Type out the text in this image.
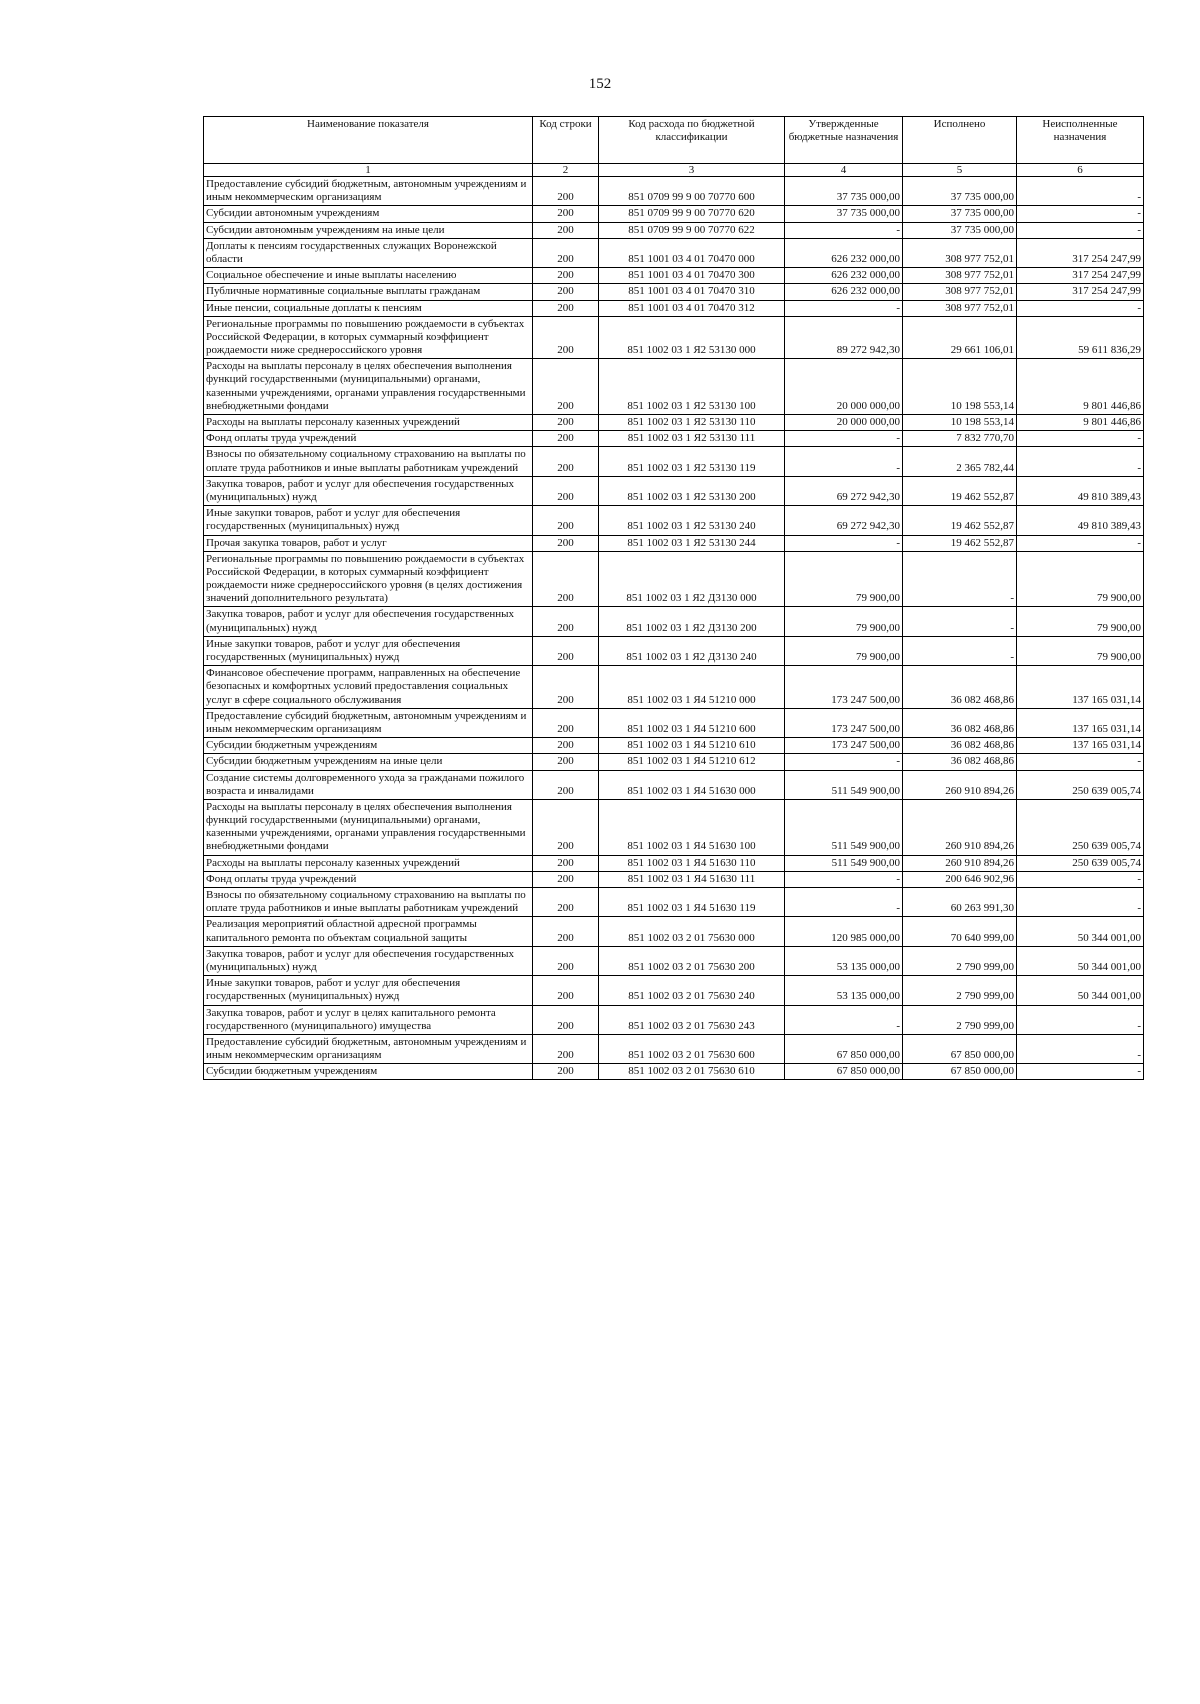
152
Наименование показателя	Код строки	Код расхода по бюджетной классификации	Утвержденные бюджетные назначения	Исполнено	Неисполненные назначения
1	2	3	4	5	6
Предоставление субсидий бюджетным, автономным учреждениям и иным некоммерческим организациям	200	851 0709 99 9 00 70770 600	37 735 000,00	37 735 000,00	-
Субсидии автономным учреждениям	200	851 0709 99 9 00 70770 620	37 735 000,00	37 735 000,00	-
Субсидии автономным учреждениям на иные цели	200	851 0709 99 9 00 70770 622	-	37 735 000,00	-
Доплаты к пенсиям государственных служащих Воронежской области	200	851 1001 03 4 01 70470 000	626 232 000,00	308 977 752,01	317 254 247,99
Социальное обеспечение и иные выплаты населению	200	851 1001 03 4 01 70470 300	626 232 000,00	308 977 752,01	317 254 247,99
Публичные нормативные социальные выплаты гражданам	200	851 1001 03 4 01 70470 310	626 232 000,00	308 977 752,01	317 254 247,99
Иные пенсии, социальные доплаты к пенсиям	200	851 1001 03 4 01 70470 312	-	308 977 752,01	-
Региональные программы по повышению рождаемости в субъектах Российской Федерации, в которых суммарный коэффициент рождаемости ниже среднероссийского уровня	200	851 1002 03 1 Я2 53130 000	89 272 942,30	29 661 106,01	59 611 836,29
Расходы на выплаты персоналу в целях обеспечения выполнения функций государственными (муниципальными) органами, казенными учреждениями, органами управления государственными внебюджетными фондами	200	851 1002 03 1 Я2 53130 100	20 000 000,00	10 198 553,14	9 801 446,86
Расходы на выплаты персоналу казенных учреждений	200	851 1002 03 1 Я2 53130 110	20 000 000,00	10 198 553,14	9 801 446,86
Фонд оплаты труда учреждений	200	851 1002 03 1 Я2 53130 111	-	7 832 770,70	-
Взносы по обязательному социальному страхованию на выплаты по оплате труда работников и иные выплаты работникам учреждений	200	851 1002 03 1 Я2 53130 119	-	2 365 782,44	-
Закупка товаров, работ и услуг для обеспечения государственных (муниципальных) нужд	200	851 1002 03 1 Я2 53130 200	69 272 942,30	19 462 552,87	49 810 389,43
Иные закупки товаров, работ и услуг для обеспечения государственных (муниципальных) нужд	200	851 1002 03 1 Я2 53130 240	69 272 942,30	19 462 552,87	49 810 389,43
Прочая закупка товаров, работ и услуг	200	851 1002 03 1 Я2 53130 244	-	19 462 552,87	-
Региональные программы по повышению рождаемости в субъектах Российской Федерации, в которых суммарный коэффициент рождаемости ниже среднероссийского уровня (в целях достижения значений дополнительного результата)	200	851 1002 03 1 Я2 Д3130 000	79 900,00	-	79 900,00
Закупка товаров, работ и услуг для обеспечения государственных (муниципальных) нужд	200	851 1002 03 1 Я2 Д3130 200	79 900,00	-	79 900,00
Иные закупки товаров, работ и услуг для обеспечения государственных (муниципальных) нужд	200	851 1002 03 1 Я2 Д3130 240	79 900,00	-	79 900,00
Финансовое обеспечение программ, направленных на обеспечение безопасных и комфортных условий предоставления социальных услуг в сфере социального обслуживания	200	851 1002 03 1 Я4 51210 000	173 247 500,00	36 082 468,86	137 165 031,14
Предоставление субсидий бюджетным, автономным учреждениям и иным некоммерческим организациям	200	851 1002 03 1 Я4 51210 600	173 247 500,00	36 082 468,86	137 165 031,14
Субсидии бюджетным учреждениям	200	851 1002 03 1 Я4 51210 610	173 247 500,00	36 082 468,86	137 165 031,14
Субсидии бюджетным учреждениям на иные цели	200	851 1002 03 1 Я4 51210 612	-	36 082 468,86	-
Создание системы долговременного ухода за гражданами пожилого возраста и инвалидами	200	851 1002 03 1 Я4 51630 000	511 549 900,00	260 910 894,26	250 639 005,74
Расходы на выплаты персоналу в целях обеспечения выполнения функций государственными (муниципальными) органами, казенными учреждениями, органами управления государственными внебюджетными фондами	200	851 1002 03 1 Я4 51630 100	511 549 900,00	260 910 894,26	250 639 005,74
Расходы на выплаты персоналу казенных учреждений	200	851 1002 03 1 Я4 51630 110	511 549 900,00	260 910 894,26	250 639 005,74
Фонд оплаты труда учреждений	200	851 1002 03 1 Я4 51630 111	-	200 646 902,96	-
Взносы по обязательному социальному страхованию на выплаты по оплате труда работников и иные выплаты работникам учреждений	200	851 1002 03 1 Я4 51630 119	-	60 263 991,30	-
Реализация мероприятий областной адресной программы капитального ремонта по объектам социальной защиты	200	851 1002 03 2 01 75630 000	120 985 000,00	70 640 999,00	50 344 001,00
Закупка товаров, работ и услуг для обеспечения государственных (муниципальных) нужд	200	851 1002 03 2 01 75630 200	53 135 000,00	2 790 999,00	50 344 001,00
Иные закупки товаров, работ и услуг для обеспечения государственных (муниципальных) нужд	200	851 1002 03 2 01 75630 240	53 135 000,00	2 790 999,00	50 344 001,00
Закупка товаров, работ и услуг в целях капитального ремонта государственного (муниципального) имущества	200	851 1002 03 2 01 75630 243	-	2 790 999,00	-
Предоставление субсидий бюджетным, автономным учреждениям и иным некоммерческим организациям	200	851 1002 03 2 01 75630 600	67 850 000,00	67 850 000,00	-
Субсидии бюджетным учреждениям	200	851 1002 03 2 01 75630 610	67 850 000,00	67 850 000,00	-
